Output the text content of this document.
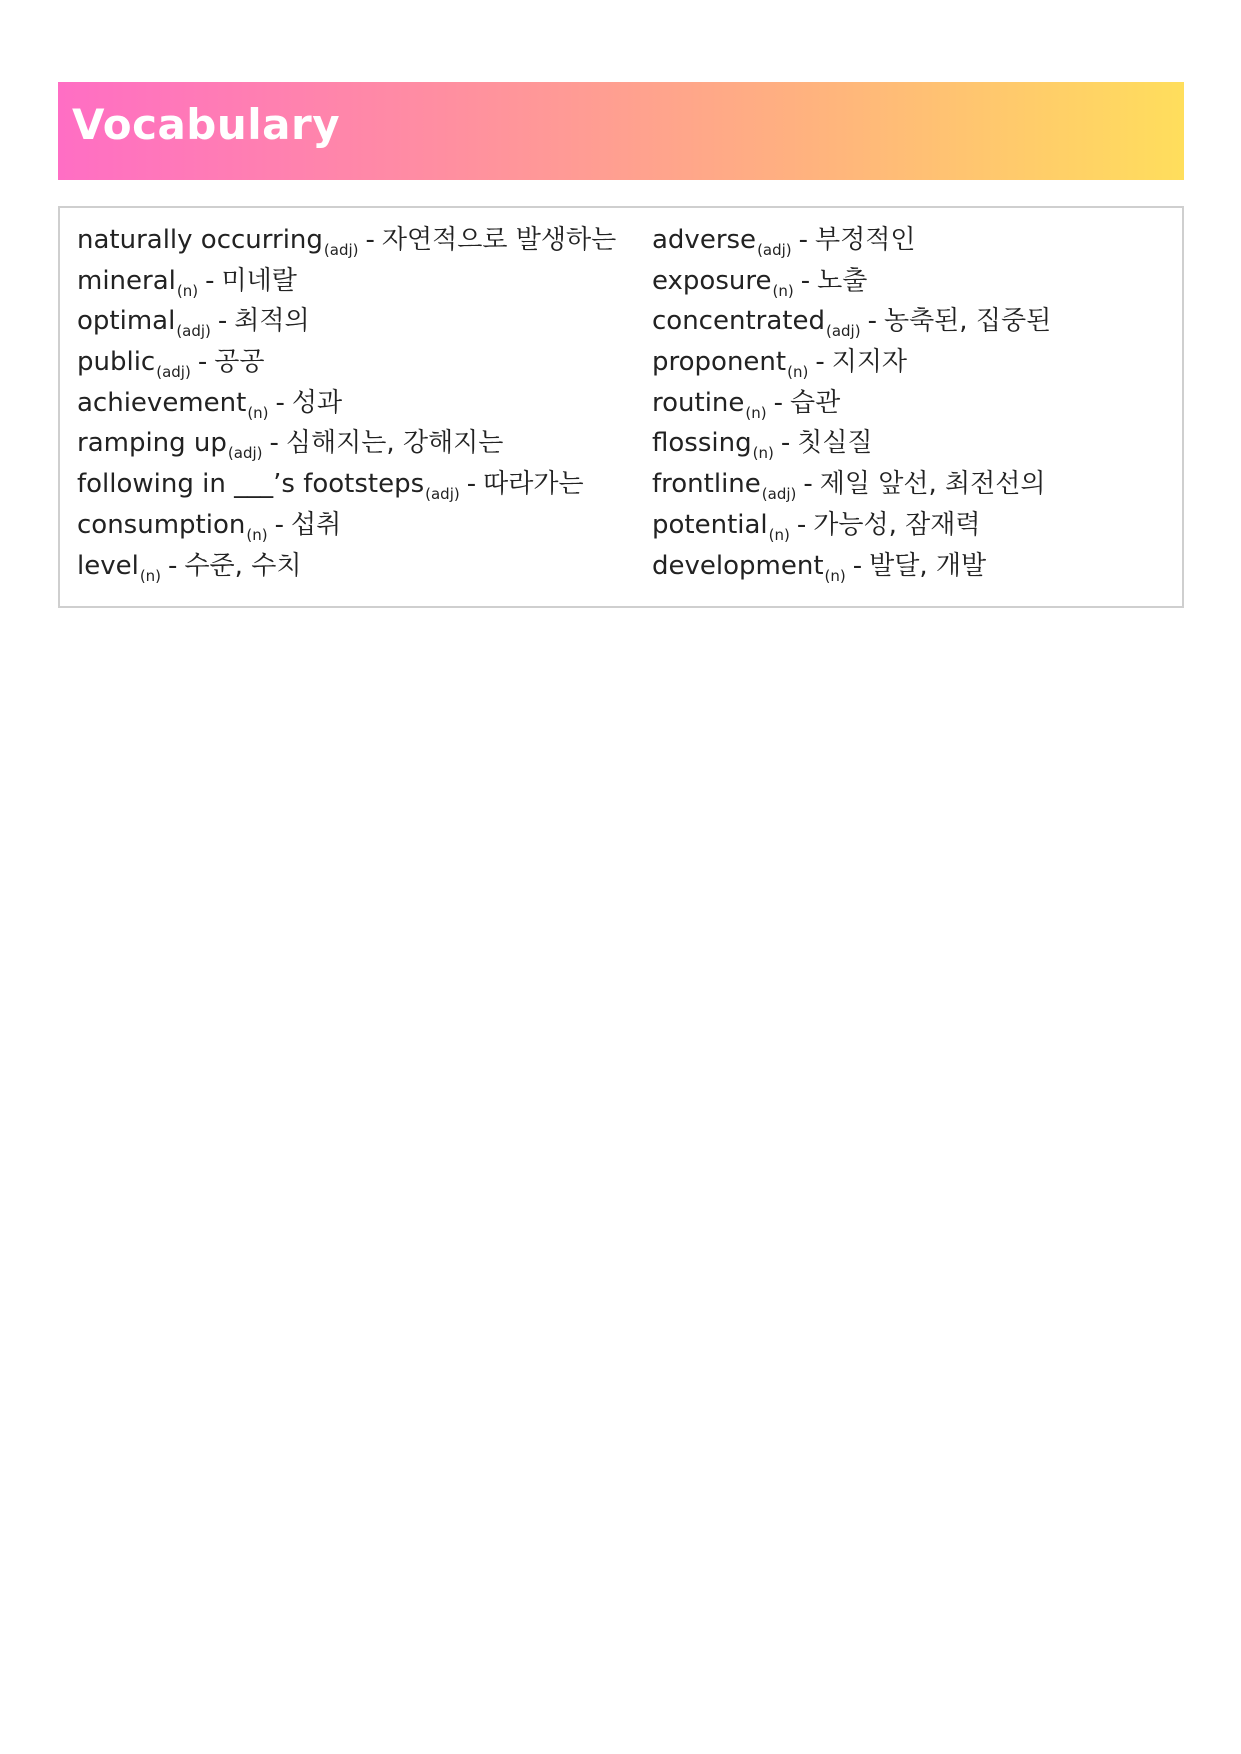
Vocabulary
naturally occurring$_{(adj)}$ - 자연적으로 발생하는
mineral$_{(n)}$ - 미네랄
optimal$_{(adj)}$ - 최적의
public$_{(adj)}$ - 공공
achievement$_{(n)}$ - 성과
ramping $up_{(adj)}$ - 심해지는, 강해지는
following in ___’s footsteps$_{(adj)}$ - 따라가는
consumption$_{(n)}$ - 섭취
level$_{(n)}$ - 수준, 수치
adverse$_{(adj)}$ - 부정적인
exposure$_{(n)}$ - 노출
concentrated$_{(adj)}$ - 농축된, 집중된
proponent$_{(n)}$ - 지지자
routine$_{(n)}$ - 습관
flossing$_{(n)}$ - 칫실질
frontline$_{(adj)}$ - 제일 앞선, 최전선의
potential$_{(n)}$ - 가능성, 잠재력
development$_{(n)}$ - 발달, 개발
